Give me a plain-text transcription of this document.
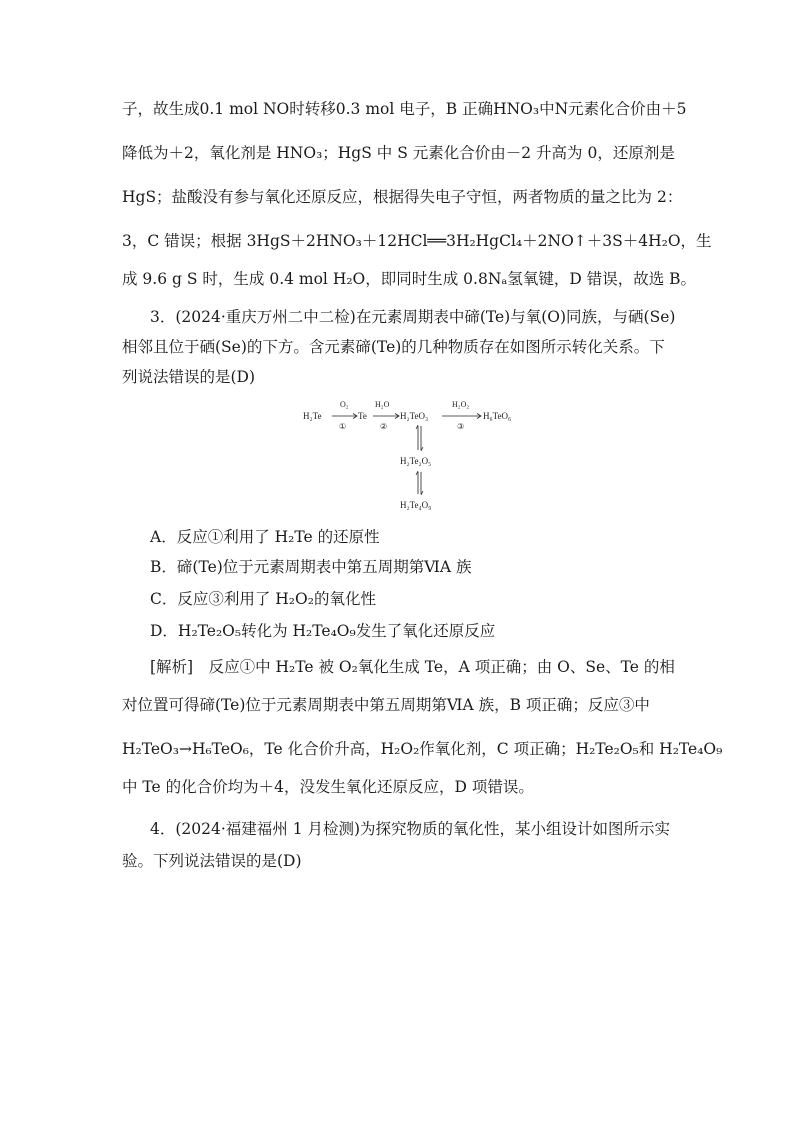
子，故生成0.1 mol NO时转移0.3 mol 电子，B 正确HNO₃中N元素化合价由＋5
降低为＋2，氧化剂是 HNO₃；HgS 中 S 元素化合价由－2 升高为 0，还原剂是
HgS；盐酸没有参与氧化还原反应，根据得失电子守恒，两者物质的量之比为 2：
3，C 错误；根据 3HgS＋2HNO₃＋12HCl══3H₂HgCl₄＋2NO↑＋3S＋4H₂O，生
成 9.6 g S 时，生成 0.4 mol H₂O，即同时生成 0.8Nₐ氢氧键，D 错误，故选 B。
3．(2024·重庆万州二中二检)在元素周期表中碲(Te)与氧(O)同族，与硒(Se)
相邻且位于硒(Se)的下方。含元素碲(Te)的几种物质存在如图所示转化关系。下
列说法错误的是(D)
H₂Te
O₂
①
Te
H₂O
②
H₂TeO₃
H₂O₂
③
H₆TeO₆
H₂Te₂O₅
H₂Te₄O₉
A．反应①利用了 H₂Te 的还原性
B．碲(Te)位于元素周期表中第五周期第ⅥA 族
C．反应③利用了 H₂O₂的氧化性
D．H₂Te₂O₅转化为 H₂Te₄O₉发生了氧化还原反应
[解析]  反应①中 H₂Te 被 O₂氧化生成 Te，A 项正确；由 O、Se、Te 的相
对位置可得碲(Te)位于元素周期表中第五周期第ⅥA 族，B 项正确；反应③中
H₂TeO₃→H₆TeO₆，Te 化合价升高，H₂O₂作氧化剂，C 项正确；H₂Te₂O₅和 H₂Te₄O₉
中 Te 的化合价均为＋4，没发生氧化还原反应，D 项错误。
4．(2024·福建福州 1 月检测)为探究物质的氧化性，某小组设计如图所示实
验。下列说法错误的是(D)
